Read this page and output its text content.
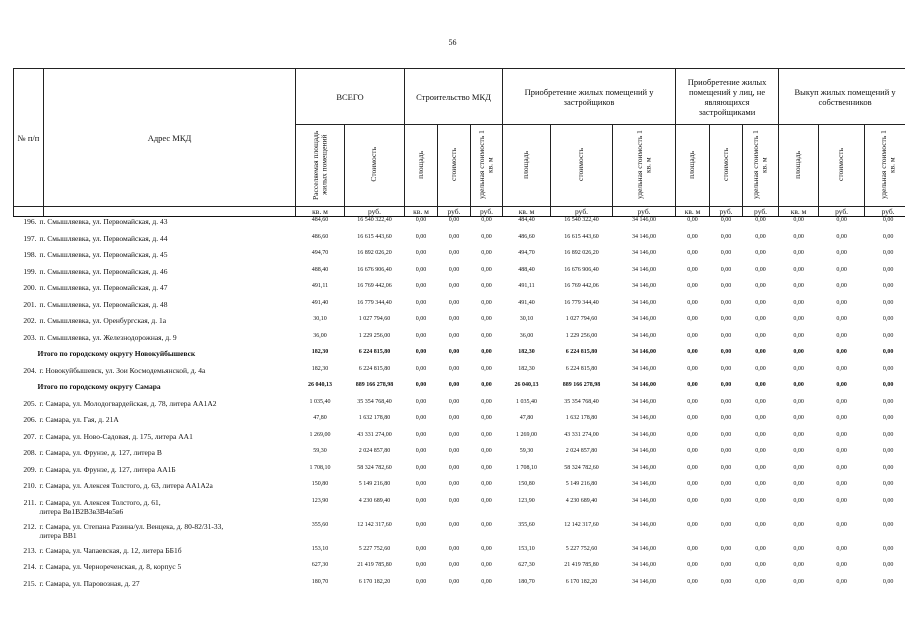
56
№ п/п	Адрес МКД	ВСЕГО		Строительство МКД			Приобретение жилых помещений у застройщиков			Приобретение жилых помещений у лиц, не являющихся застройщиками			Выкуп жилых помещений у собственников		
		Расселяемая площадь жилых помещений	Стоимость	площадь	стоимость	удельная стоимость 1 кв. м	площадь	стоимость	удельная стоимость 1 кв. м	площадь	стоимость	удельная стоимость 1 кв. м	площадь	стоимость	удельная стоимость 1 кв. м
		кв. м	руб.	кв. м	руб.	руб.	кв. м	руб.	руб.	кв. м	руб.	руб.	кв. м	руб.	руб.
196. п. Смышляевка, ул. Первомайская, д. 43		484,60	16 540 322,40	0,00	0,00	0,00	484,40	16 540 322,40	34 146,00	0,00	0,00	0,00	0,00	0,00	0,00
197. п. Смышляевка, ул. Первомайская, д. 44		486,60	16 615 443,60	0,00	0,00	0,00	486,60	16 615 443,60	34 146,00	0,00	0,00	0,00	0,00	0,00	0,00
198. п. Смышляевка, ул. Первомайская, д. 45		494,70	16 892 026,20	0,00	0,00	0,00	494,70	16 892 026,20	34 146,00	0,00	0,00	0,00	0,00	0,00	0,00
199. п. Смышляевка, ул. Первомайская, д. 46		488,40	16 676 906,40	0,00	0,00	0,00	488,40	16 676 906,40	34 146,00	0,00	0,00	0,00	0,00	0,00	0,00
200. п. Смышляевка, ул. Первомайская, д. 47		491,11	16 769 442,06	0,00	0,00	0,00	491,11	16 769 442,06	34 146,00	0,00	0,00	0,00	0,00	0,00	0,00
201. п. Смышляевка, ул. Первомайская, д. 48		491,40	16 779 344,40	0,00	0,00	0,00	491,40	16 779 344,40	34 146,00	0,00	0,00	0,00	0,00	0,00	0,00
202. п. Смышляевка, ул. Оренбургская, д. 1а		30,10	1 027 794,60	0,00	0,00	0,00	30,10	1 027 794,60	34 146,00	0,00	0,00	0,00	0,00	0,00	0,00
203. п. Смышляевка, ул. Железнодорожная, д. 9		36,00	1 229 256,00	0,00	0,00	0,00	36,00	1 229 256,00	34 146,00	0,00	0,00	0,00	0,00	0,00	0,00
Итого по городскому округу Новокуйбышевск		182,30	6 224 815,80	0,00	0,00	0,00	182,30	6 224 815,80	34 146,00	0,00	0,00	0,00	0,00	0,00	0,00
204. г. Новокуйбышевск, ул. Зои Космодемьянской, д. 4а		182,30	6 224 815,80	0,00	0,00	0,00	182,30	6 224 815,80	34 146,00	0,00	0,00	0,00	0,00	0,00	0,00
Итого по городскому округу Самара		26 040,13	889 166 278,98	0,00	0,00	0,00	26 040,13	889 166 278,98	34 146,00	0,00	0,00	0,00	0,00	0,00	0,00
205. г. Самара, ул. Молодогвардейская, д. 78, литера АА1А2		1 035,40	35 354 768,40	0,00	0,00	0,00	1 035,40	35 354 768,40	34 146,00	0,00	0,00	0,00	0,00	0,00	0,00
206. г. Самара, ул. Гая, д. 21А		47,80	1 632 178,80	0,00	0,00	0,00	47,80	1 632 178,80	34 146,00	0,00	0,00	0,00	0,00	0,00	0,00
207. г. Самара, ул. Ново-Садовая, д. 175, литера АА1		1 269,00	43 331 274,00	0,00	0,00	0,00	1 269,00	43 331 274,00	34 146,00	0,00	0,00	0,00	0,00	0,00	0,00
208. г. Самара, ул. Фрунзе, д. 127, литера В		59,30	2 024 857,80	0,00	0,00	0,00	59,30	2 024 857,80	34 146,00	0,00	0,00	0,00	0,00	0,00	0,00
209. г. Самара, ул. Фрунзе, д. 127, литера АА1Б		1 708,10	58 324 782,60	0,00	0,00	0,00	1 708,10	58 324 782,60	34 146,00	0,00	0,00	0,00	0,00	0,00	0,00
210. г. Самара, ул. Алексея Толстого, д. 63, литера АА1А2а		150,80	5 149 216,80	0,00	0,00	0,00	150,80	5 149 216,80	34 146,00	0,00	0,00	0,00	0,00	0,00	0,00
211. г. Самара, ул. Алексея Толстого, д. 61,
литера Вв1В2В3в3В4в5в6		123,90	4 230 689,40	0,00	0,00	0,00	123,90	4 230 689,40	34 146,00	0,00	0,00	0,00	0,00	0,00	0,00
212. г. Самара, ул. Степана Разина/ул. Венцека, д. 80-82/31-33,
литера ВВ1		355,60	12 142 317,60	0,00	0,00	0,00	355,60	12 142 317,60	34 146,00	0,00	0,00	0,00	0,00	0,00	0,00
213. г. Самара, ул. Чапаевская, д. 12, литера ББ1б		153,10	5 227 752,60	0,00	0,00	0,00	153,10	5 227 752,60	34 146,00	0,00	0,00	0,00	0,00	0,00	0,00
214. г. Самара, ул. Чернореченская, д. 8, корпус 5		627,30	21 419 785,80	0,00	0,00	0,00	627,30	21 419 785,80	34 146,00	0,00	0,00	0,00	0,00	0,00	0,00
215. г. Самара, ул. Паровозная, д. 27		180,70	6 170 182,20	0,00	0,00	0,00	180,70	6 170 182,20	34 146,00	0,00	0,00	0,00	0,00	0,00	0,00
